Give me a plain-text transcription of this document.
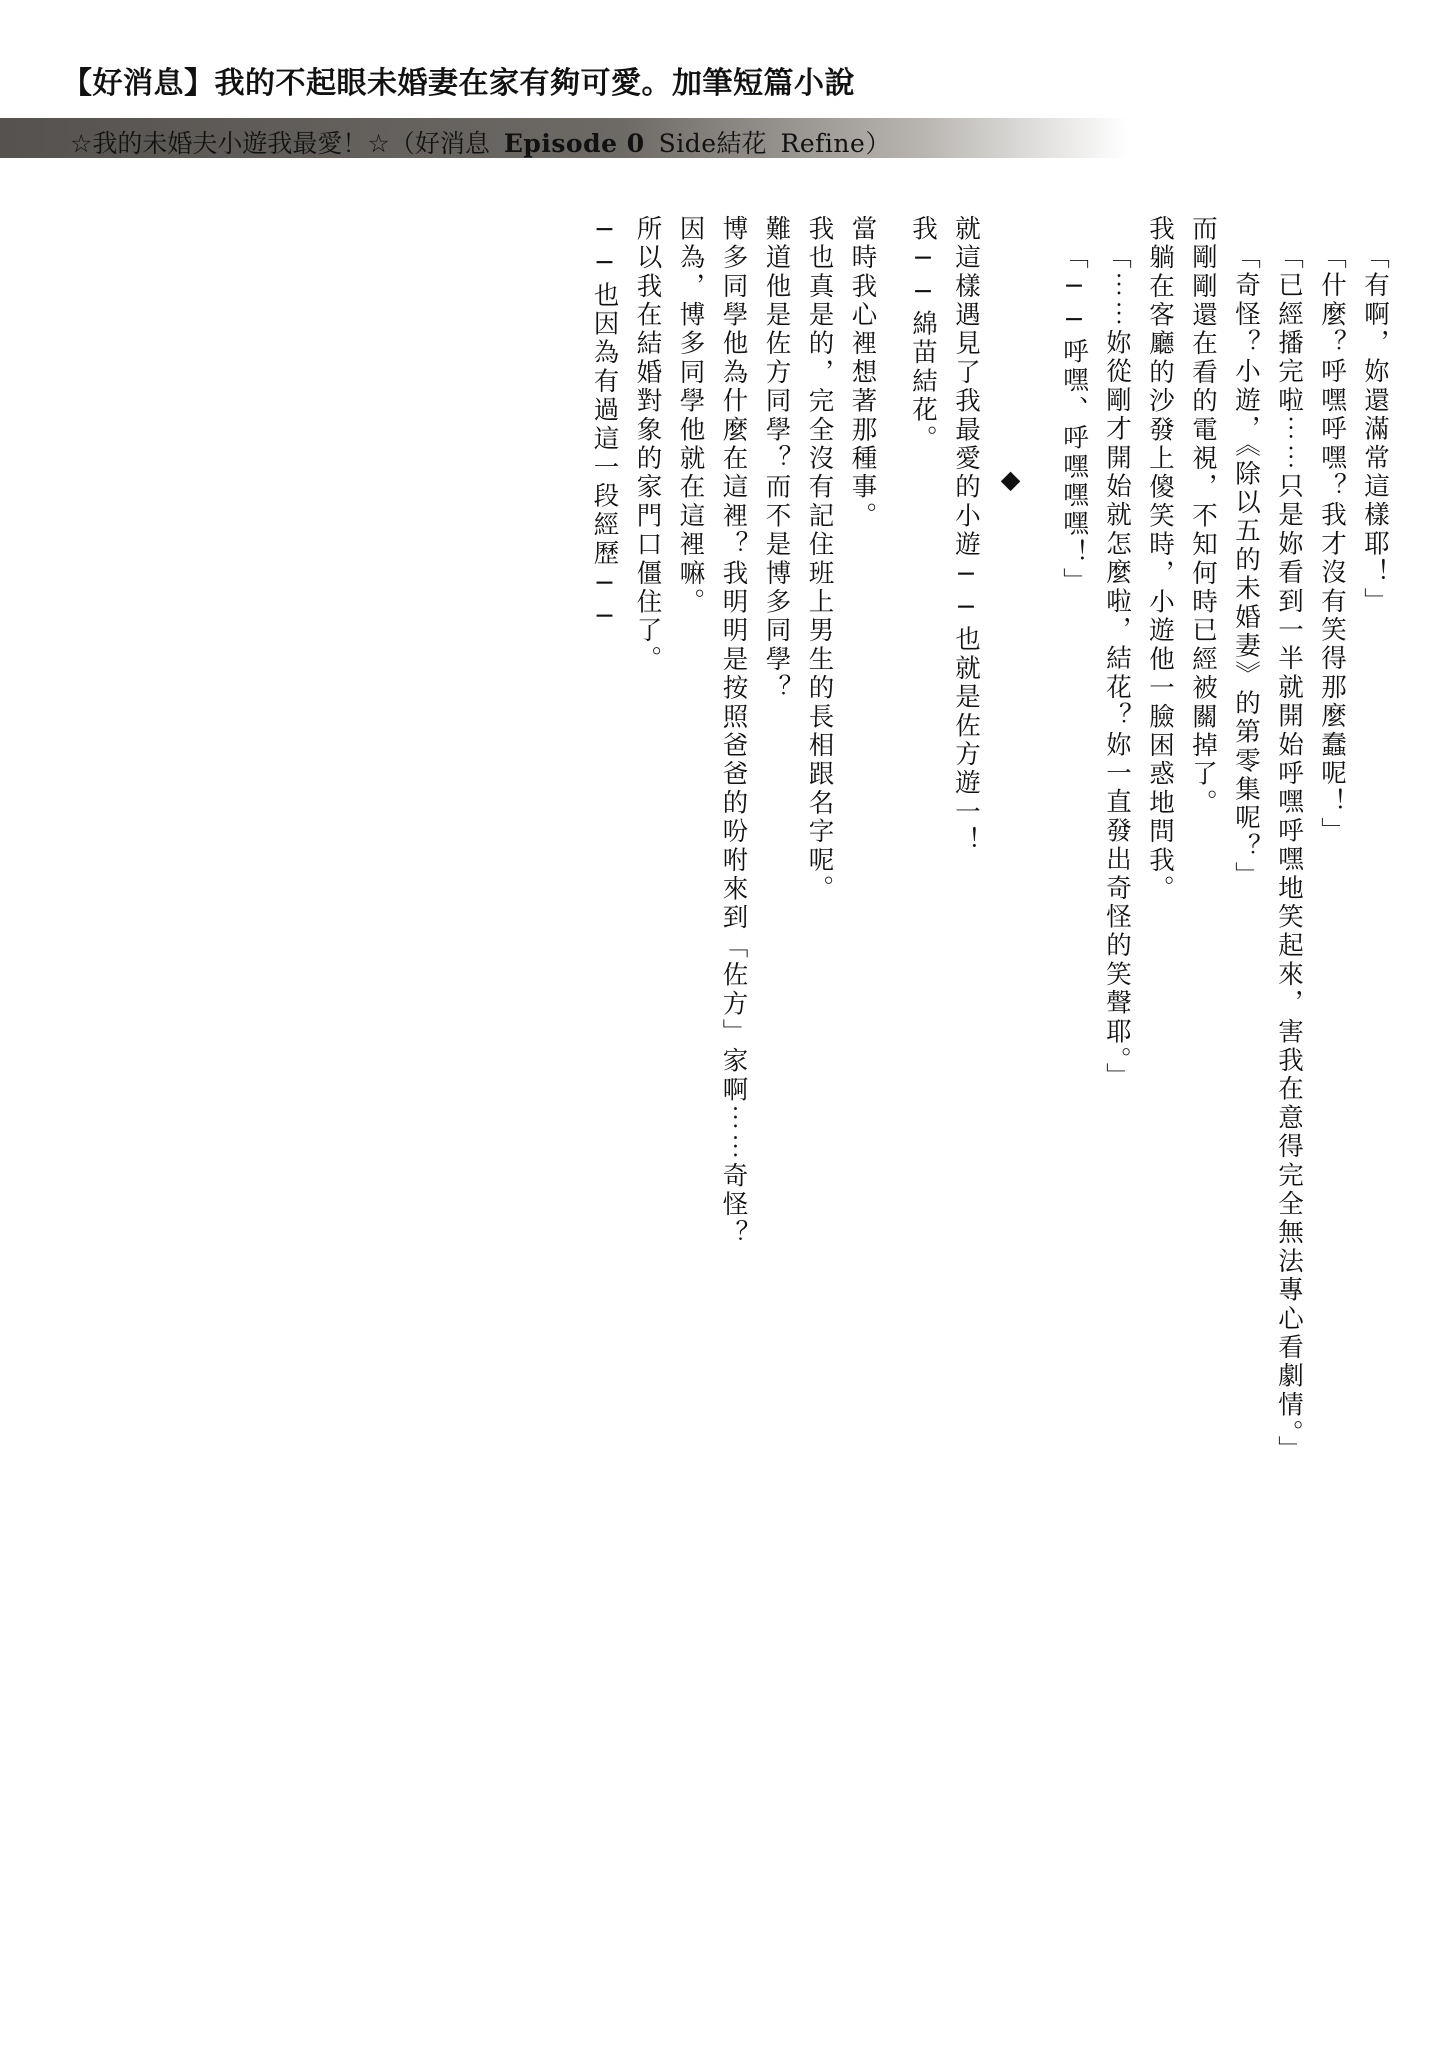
【好消息】我的不起眼未婚妻在家有夠可愛。加筆短篇小說
☆我的未婚夫小遊我最愛！☆（好消息 Episode 0 Side結花 Refine）
──也因為有過這一段經歷── 所以我在結婚對象的家門口僵住了。 因為，博多同學他就在這裡嘛。 博多同學他為什麼在這裡？我明明是按照爸爸的吩咐來到「佐方」家啊⋯⋯奇怪？ 難道他是佐方同學？而不是博多同學？ 我也真是的，完全沒有記住班上男生的長相跟名字呢。 當時我心裡想著那種事。 我──綿苗結花。 就這樣遇見了我最愛的小遊──也就是佐方遊一！ ◆ 「──呼嘿、呼嘿嘿嘿！」 「⋯⋯妳從剛才開始就怎麼啦，結花？妳一直發出奇怪的笑聲耶。」 我躺在客廳的沙發上傻笑時，小遊他一臉困惑地問我。 而剛剛還在看的電視，不知何時已經被關掉了。 「奇怪？小遊，《除以五的未婚妻》的第零集呢？」 「已經播完啦⋯⋯只是妳看到一半就開始呼嘿呼嘿地笑起來，害我在意得完全無法專心看劇情。」 「什麼？呼嘿呼嘿？我才沒有笑得那麼蠢呢！」 「有啊，妳還滿常這樣耶！」
